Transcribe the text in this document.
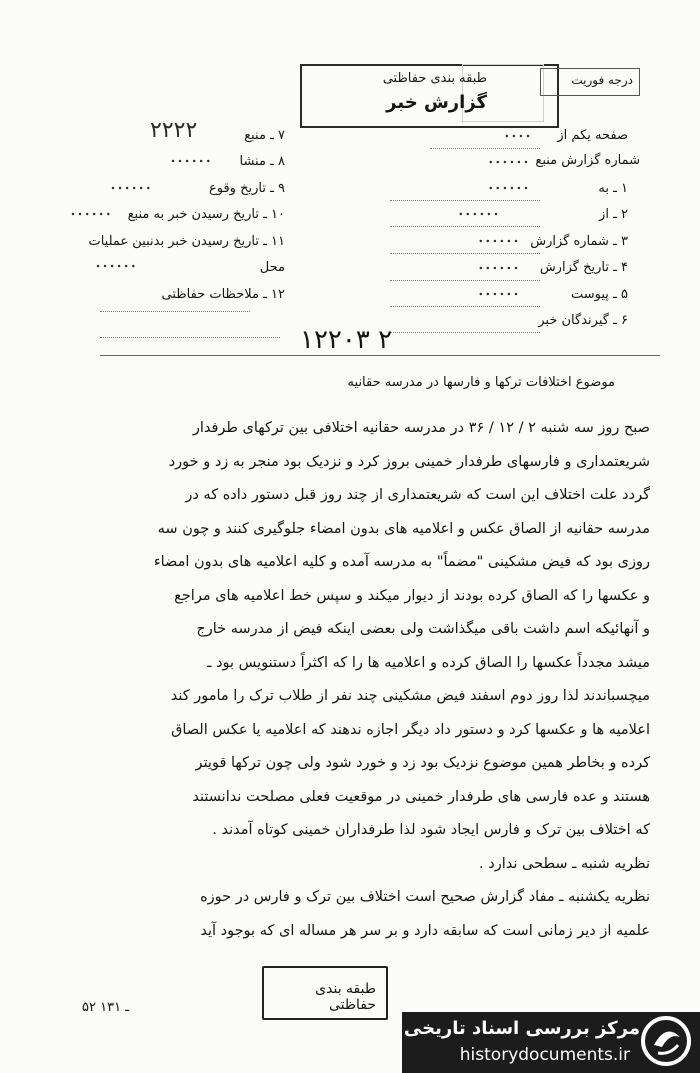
طبقه بندی حفاظتی
گزارش خبر
درجه فوریت
صفحه یکم از
....
شماره گزارش منبع
......
۱ ـ به
......
۲ ـ از
......
۳ ـ شماره گزارش
......
۴ ـ تاریخ گزارش
......
۵ ـ پیوست
......
۶ ـ گیرندگان خبر
۷ ـ منبع
۲۲۲۲
۸ ـ منشا
......
۹ ـ تاریخ وقوع
......
۱۰ ـ تاریخ رسیدن خبر به منبع
......
۱۱ ـ تاریخ رسیدن خبر بدنبین عملیات
محل
......
۱۲ ـ ملاحظات حفاظتی
۱۲۲۰۳ ۲
موضوع اختلافات ترکها و فارسها در مدرسه حقانیه
صبح روز سه شنبه ۲ / ۱۲ / ۳۶ در مدرسه حقانیه اختلافی بین ترکهای طرفدار
شریعتمداری و فارسهای طرفدار خمینی بروز کرد و نزدیک بود منجر به زد و خورد
گردد علت اختلاف این است که شریعتمداری از چند روز قبل دستور داده که در
مدرسه حقانیه از الصاق عکس و اعلامیه های بدون امضاء جلوگیری کنند و چون سه
روزی بود که فیض مشکینی "مضماً" به مدرسه آمده و کلیه اعلامیه های بدون امضاء
و عکسها را که الصاق کرده بودند از دیوار میکند و سپس خط اعلامیه های مراجع
و آنهائیکه اسم داشت باقی میگذاشت ولی بعضی اینکه فیض از مدرسه خارج
میشد مجدداً عکسها را الصاق کرده و اعلامیه ها را که اکثراً دستنویس بود ـ
میچسباندند لذا روز دوم اسفند فیض مشکینی چند نفر از طلاب ترک را مامور کند
اعلامیه ها و عکسها کرد و دستور داد دیگر اجازه ندهند که اعلامیه یا عکس الصاق
کرده و بخاطر همین موضوع نزدیک بود زد و خورد شود ولی چون ترکها قویتر
هستند و عده فارسی های طرفدار خمینی در موقعیت فعلی مصلحت ندانستند
که اختلاف بین ترک و فارس ایجاد شود لذا طرفداران خمینی کوتاه آمدند .
نظریه شنبه ـ سطحی ندارد .
نظریه یکشنبه ـ مفاد گزارش صحیح است اختلاف بین ترک و فارس در حوزه
علمیه از دیر زمانی است که سابقه دارد و بر سر هر مساله ای که بوجود آید
طبقه بندی حفاظتی
۵۲ ـ ۱۳۱
مرکز بررسی اسناد تاریخی
historydocuments.ir
